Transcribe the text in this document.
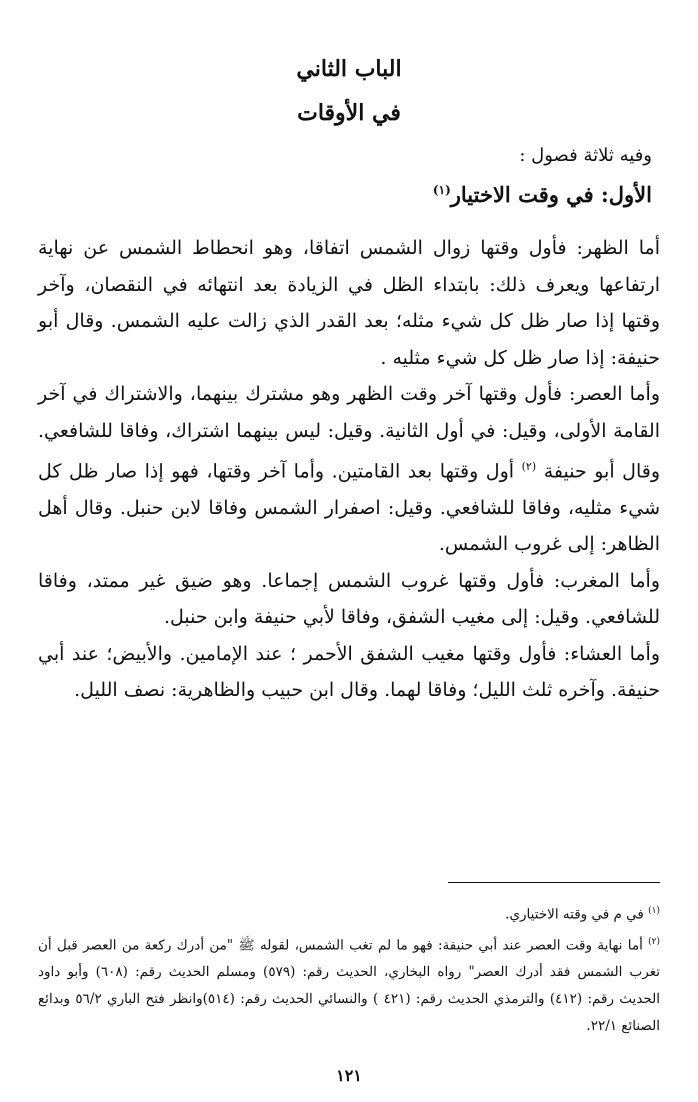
الباب الثاني
في الأوقات

وفيه ثلاثة فصول :

الأول: في وقت الاختيار$^{(١)}$

أما الظهر: فأول وقتها زوال الشمس اتفاقا، وهو انحطاط الشمس عن نهاية ارتفاعها ويعرف ذلك: بابتداء الظل في الزيادة بعد انتهائه في النقصان، وآخر وقتها إذا صار ظل كل شيء مثله؛ بعد القدر الذي زالت عليه الشمس. وقال أبو حنيفة: إذا صار ظل كل شيء مثليه .

وأما العصر: فأول وقتها آخر وقت الظهر وهو مشترك بينهما، والاشتراك في آخر القامة الأولى، وقيل: في أول الثانية. وقيل: ليس بينهما اشتراك، وفاقا للشافعي. وقال أبو حنيفة $^{(٢)}$ أول وقتها بعد القامتين. وأما آخر وقتها، فهو إذا صار ظل كل شيء مثليه، وفاقا للشافعي. وقيل: اصفرار الشمس وفاقا لابن حنبل. وقال أهل الظاهر: إلى غروب الشمس.

وأما المغرب: فأول وقتها غروب الشمس إجماعا. وهو ضيق غير ممتد، وفاقا للشافعي. وقيل: إلى مغيب الشفق، وفاقا لأبي حنيفة وابن حنبل.

وأما العشاء: فأول وقتها مغيب الشفق الأحمر ؛ عند الإمامين. والأبيض؛ عند أبي حنيفة. وآخره ثلث الليل؛ وفاقا لهما. وقال ابن حبيب والظاهرية: نصف الليل.

$^{(١)}$ في م في وقته الاختياري.

$^{(٢)}$ أما نهاية وقت العصر عند أبي حنيفة: فهو ما لم تغب الشمس، لقوله ﷺ "من أدرك ركعة من العصر قبل أن تغرب الشمس فقد أدرك العصر" رواه البخاري، الحديث رقم: (٥٧٩) ومسلم الحديث رقم: (٦٠٨) وأبو داود الحديث رقم: (٤١٢) والترمذي الحديث رقم: (٤٢١ ) والنسائي الحديث رقم: (٥١٤)وانظر فتح الباري ٥٦/٢ وبدائع الصنائع ٢٢/١.

١٢١
